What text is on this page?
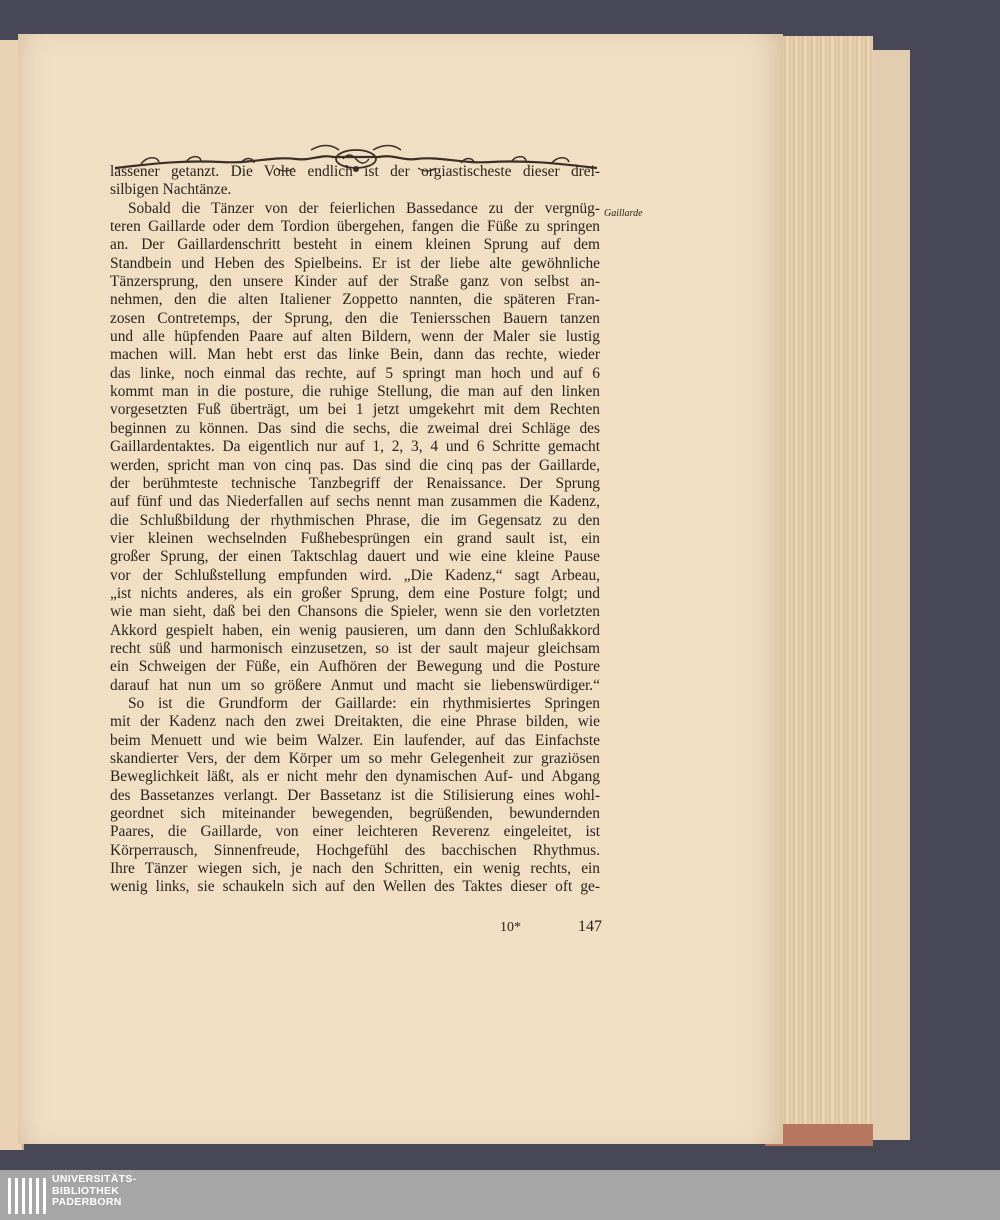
Gaillarde
lassener getanzt. Die Volte endlich ist der orgiastischeste dieser drei-
silbigen Nachtänze.
Sobald die Tänzer von der feierlichen Bassedance zu der vergnüg-
teren Gaillarde oder dem Tordion übergehen, fangen die Füße zu springen
an. Der Gaillardenschritt besteht in einem kleinen Sprung auf dem
Standbein und Heben des Spielbeins. Er ist der liebe alte gewöhnliche
Tänzersprung, den unsere Kinder auf der Straße ganz von selbst an-
nehmen, den die alten Italiener Zoppetto nannten, die späteren Fran-
zosen Contretemps, der Sprung, den die Teniersschen Bauern tanzen
und alle hüpfenden Paare auf alten Bildern, wenn der Maler sie lustig
machen will. Man hebt erst das linke Bein, dann das rechte, wieder
das linke, noch einmal das rechte, auf 5 springt man hoch und auf 6
kommt man in die posture, die ruhige Stellung, die man auf den linken
vorgesetzten Fuß überträgt, um bei 1 jetzt umgekehrt mit dem Rechten
beginnen zu können. Das sind die sechs, die zweimal drei Schläge des
Gaillardentaktes. Da eigentlich nur auf 1, 2, 3, 4 und 6 Schritte gemacht
werden, spricht man von cinq pas. Das sind die cinq pas der Gaillarde,
der berühmteste technische Tanzbegriff der Renaissance. Der Sprung
auf fünf und das Niederfallen auf sechs nennt man zusammen die Kadenz,
die Schlußbildung der rhythmischen Phrase, die im Gegensatz zu den
vier kleinen wechselnden Fußhebesprüngen ein grand sault ist, ein
großer Sprung, der einen Taktschlag dauert und wie eine kleine Pause
vor der Schlußstellung empfunden wird. „Die Kadenz,“ sagt Arbeau,
„ist nichts anderes, als ein großer Sprung, dem eine Posture folgt; und
wie man sieht, daß bei den Chansons die Spieler, wenn sie den vorletzten
Akkord gespielt haben, ein wenig pausieren, um dann den Schlußakkord
recht süß und harmonisch einzusetzen, so ist der sault majeur gleichsam
ein Schweigen der Füße, ein Aufhören der Bewegung und die Posture
darauf hat nun um so größere Anmut und macht sie liebenswürdiger.“
So ist die Grundform der Gaillarde: ein rhythmisiertes Springen
mit der Kadenz nach den zwei Dreitakten, die eine Phrase bilden, wie
beim Menuett und wie beim Walzer. Ein laufender, auf das Einfachste
skandierter Vers, der dem Körper um so mehr Gelegenheit zur graziösen
Beweglichkeit läßt, als er nicht mehr den dynamischen Auf- und Abgang
des Bassetanzes verlangt. Der Bassetanz ist die Stilisierung eines wohl-
geordnet sich miteinander bewegenden, begrüßenden, bewundernden
Paares, die Gaillarde, von einer leichteren Reverenz eingeleitet, ist
Körperrausch, Sinnenfreude, Hochgefühl des bacchischen Rhythmus.
Ihre Tänzer wiegen sich, je nach den Schritten, ein wenig rechts, ein
wenig links, sie schaukeln sich auf den Wellen des Taktes dieser oft ge-
10*	147
UNIVERSITÄTS-
BIBLIOTHEK
PADERBORN
